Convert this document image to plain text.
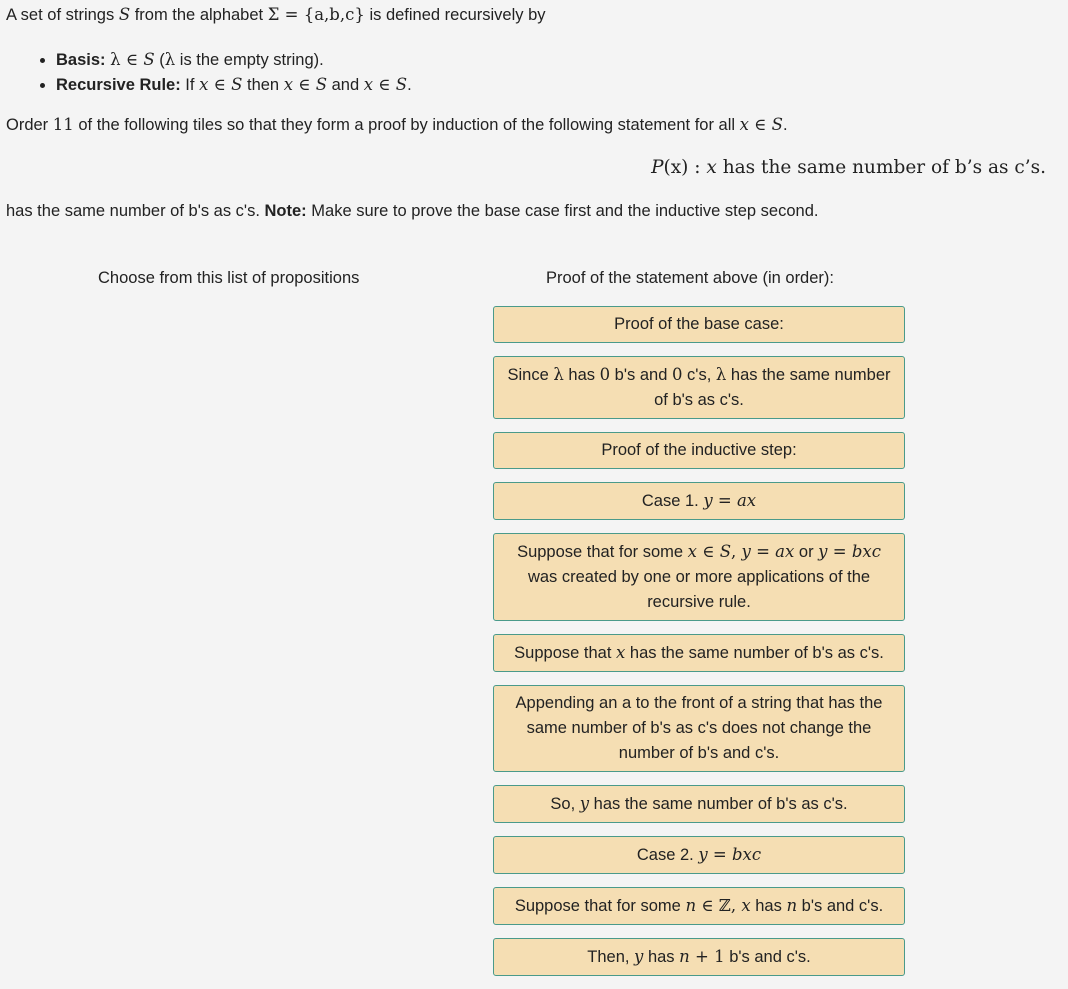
A set of strings S from the alphabet Σ = {a,b,c} is defined recursively by
• Basis: λ ∈ S (λ is the empty string).
• Recursive Rule: If x ∈ S then x ∈ S and x ∈ S.
Order 11 of the following tiles so that they form a proof by induction of the following statement for all x ∈ S.
P(x) : x has the same number of b’s as c’s.
has the same number of b's as c's. Note: Make sure to prove the base case first and the inductive step second.
Choose from this list of propositions	Proof of the statement above (in order):
Proof of the base case:
Since λ has 0 b's and 0 c's, λ has the same number of b's as c's.
Proof of the inductive step:
Case 1. y = ax
Suppose that for some x ∈ S, y = ax or y = bxc was created by one or more applications of the recursive rule.
Suppose that x has the same number of b's as c's.
Appending an a to the front of a string that has the same number of b's as c's does not change the number of b's and c's.
So, y has the same number of b's as c's.
Case 2. y = bxc
Suppose that for some n ∈ ℤ, x has n b's and c's.
Then, y has n + 1 b's and c's.
